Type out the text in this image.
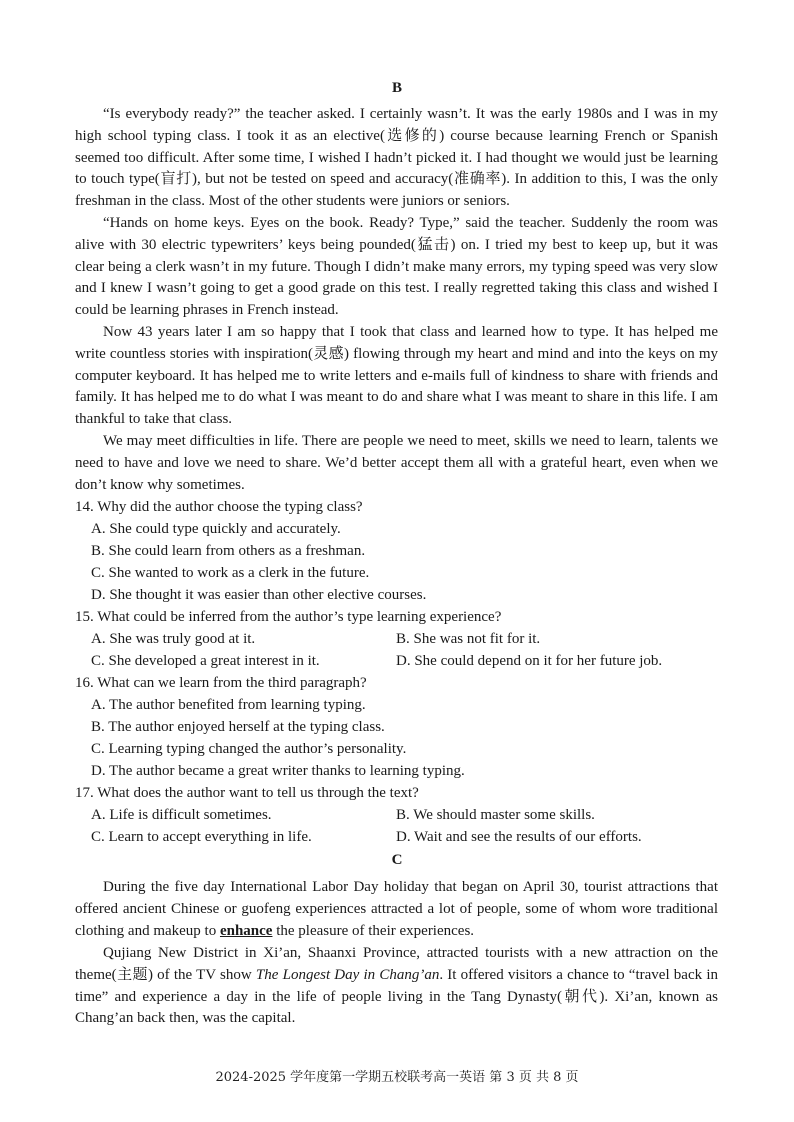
B

“Is everybody ready?” the teacher asked. I certainly wasn’t. It was the early 1980s and I was in my high school typing class. I took it as an elective(选修的) course because learning French or Spanish seemed too difficult. After some time, I wished I hadn’t picked it. I had thought we would just be learning to touch type(盲打), but not be tested on speed and accuracy(准确率). In addition to this, I was the only freshman in the class. Most of the other students were juniors or seniors.

“Hands on home keys. Eyes on the book. Ready? Type,” said the teacher. Suddenly the room was alive with 30 electric typewriters’ keys being pounded(猛击) on. I tried my best to keep up, but it was clear being a clerk wasn’t in my future. Though I didn’t make many errors, my typing speed was very slow and I knew I wasn’t going to get a good grade on this test. I really regretted taking this class and wished I could be learning phrases in French instead.

Now 43 years later I am so happy that I took that class and learned how to type. It has helped me write countless stories with inspiration(灵感) flowing through my heart and mind and into the keys on my computer keyboard. It has helped me to write letters and e-mails full of kindness to share with friends and family. It has helped me to do what I was meant to do and share what I was meant to share in this life. I am thankful to take that class.

We may meet difficulties in life. There are people we need to meet, skills we need to learn, talents we need to have and love we need to share. We’d better accept them all with a grateful heart, even when we don’t know why sometimes.

14. Why did the author choose the typing class?
A. She could type quickly and accurately.
B. She could learn from others as a freshman.
C. She wanted to work as a clerk in the future.
D. She thought it was easier than other elective courses.
15. What could be inferred from the author’s type learning experience?
A. She was truly good at it.	B. She was not fit for it.
C. She developed a great interest in it.	D. She could depend on it for her future job.
16. What can we learn from the third paragraph?
A. The author benefited from learning typing.
B. The author enjoyed herself at the typing class.
C. Learning typing changed the author’s personality.
D. The author became a great writer thanks to learning typing.
17. What does the author want to tell us through the text?
A. Life is difficult sometimes.	B. We should master some skills.
C. Learn to accept everything in life.	D. Wait and see the results of our efforts.
C

During the five day International Labor Day holiday that began on April 30, tourist attractions that offered ancient Chinese or guofeng experiences attracted a lot of people, some of whom wore traditional clothing and makeup to enhance the pleasure of their experiences.

Qujiang New District in Xi’an, Shaanxi Province, attracted tourists with a new attraction on the theme(主题) of the TV show The Longest Day in Chang’an. It offered visitors a chance to “travel back in time” and experience a day in the life of people living in the Tang Dynasty(朝代). Xi’an, known as Chang’an back then, was the capital.

2024-2025 学年度第一学期五校联考高一英语 第 3 页 共 8 页
